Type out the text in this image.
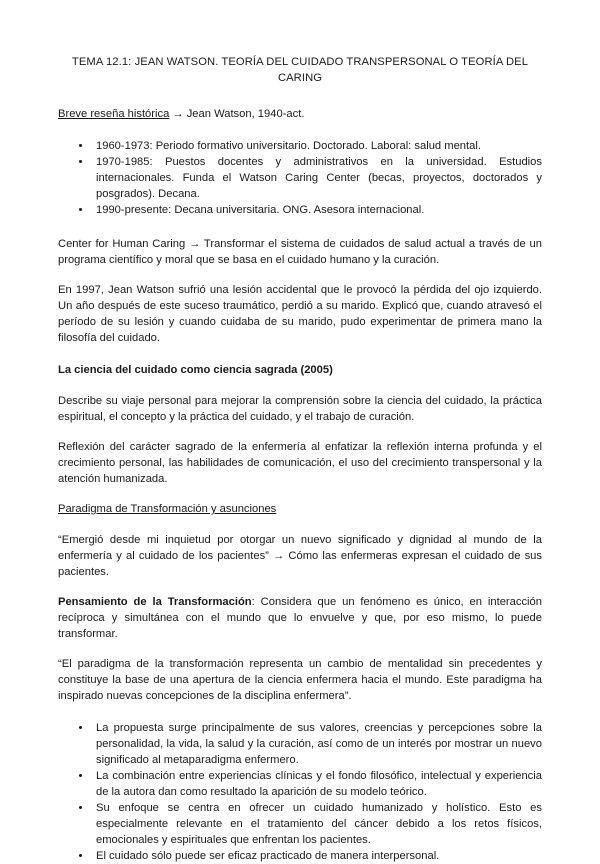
TEMA 12.1: JEAN WATSON. TEORÍA DEL CUIDADO TRANSPERSONAL O TEORÍA DEL CARING

Breve reseña histórica → Jean Watson, 1940-act.

• 1960-1973: Periodo formativo universitario. Doctorado. Laboral: salud mental.
• 1970-1985: Puestos docentes y administrativos en la universidad. Estudios internacionales. Funda el Watson Caring Center (becas, proyectos, doctorados y posgrados). Decana.
• 1990-presente: Decana universitaria. ONG. Asesora internacional.

Center for Human Caring → Transformar el sistema de cuidados de salud actual a través de un programa científico y moral que se basa en el cuidado humano y la curación.

En 1997, Jean Watson sufrió una lesión accidental que le provocó la pérdida del ojo izquierdo. Un año después de este suceso traumático, perdió a su marido. Explicó que, cuando atravesó el período de su lesión y cuando cuidaba de su marido, pudo experimentar de primera mano la filosofía del cuidado.

La ciencia del cuidado como ciencia sagrada (2005)

Describe su viaje personal para mejorar la comprensión sobre la ciencia del cuidado, la práctica espiritual, el concepto y la práctica del cuidado, y el trabajo de curación.

Reflexión del carácter sagrado de la enfermería al enfatizar la reflexión interna profunda y el crecimiento personal, las habilidades de comunicación, el uso del crecimiento transpersonal y la atención humanizada.

Paradigma de Transformación y asunciones

“Emergió desde mi inquietud por otorgar un nuevo significado y dignidad al mundo de la enfermería y al cuidado de los pacientes” → Cómo las enfermeras expresan el cuidado de sus pacientes.

Pensamiento de la Transformación: Considera que un fenómeno es único, en interacción recíproca y simultánea con el mundo que lo envuelve y que, por eso mismo, lo puede transformar.

“El paradigma de la transformación representa un cambio de mentalidad sin precedentes y constituye la base de una apertura de la ciencia enfermera hacia el mundo. Este paradigma ha inspirado nuevas concepciones de la disciplina enfermera”.

• La propuesta surge principalmente de sus valores, creencias y percepciones sobre la personalidad, la vida, la salud y la curación, así como de un interés por mostrar un nuevo significado al metaparadigma enfermero.
• La combinación entre experiencias clínicas y el fondo filosófico, intelectual y experiencia de la autora dan como resultado la aparición de su modelo teórico.
• Su enfoque se centra en ofrecer un cuidado humanizado y holístico. Esto es especialmente relevante en el tratamiento del cáncer debido a los retos físicos, emocionales y espirituales que enfrentan los pacientes.
• El cuidado sólo puede ser eficaz practicado de manera interpersonal.
